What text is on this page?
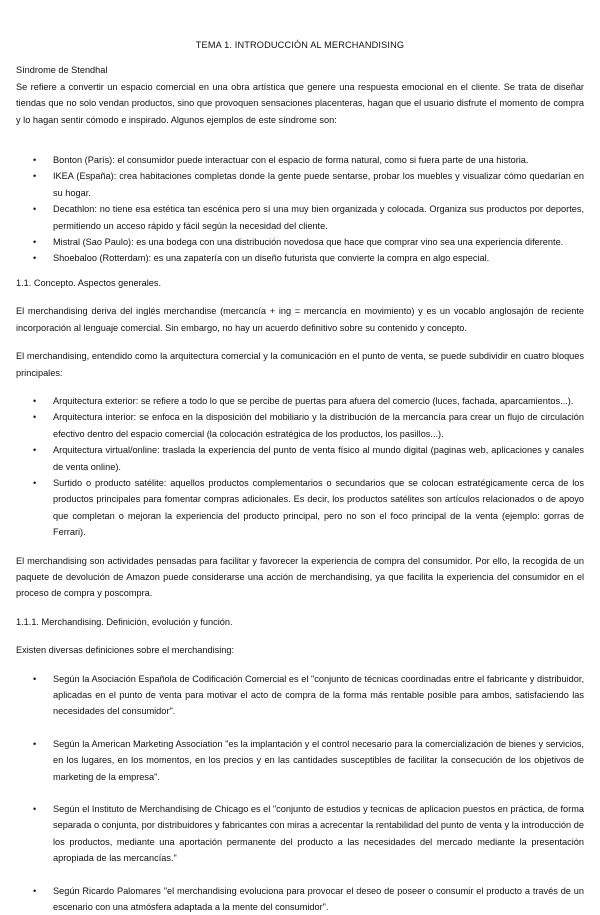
TEMA 1. INTRODUCCIÓN AL MERCHANDISING
Síndrome de Stendhal

Se refiere a convertir un espacio comercial en una obra artística que genere una respuesta emocional en el cliente. Se trata de diseñar tiendas que no solo vendan productos, sino que provoquen sensaciones placenteras, hagan que el usuario disfrute el momento de compra y lo hagan sentir cómodo e inspirado. Algunos ejemplos de este síndrome son:

• Bonton (París): el consumidor puede interactuar con el espacio de forma natural, como si fuera parte de una historia.
• IKEA (España): crea habitaciones completas donde la gente puede sentarse, probar los muebles y visualizar cómo quedarían en su hogar.
• Decathlon: no tiene esa estética tan escénica pero sí una muy bien organizada y colocada. Organiza sus productos por deportes, permitiendo un acceso rápido y fácil según la necesidad del cliente.
• Mistral (Sao Paulo): es una bodega con una distribución novedosa que hace que comprar vino sea una experiencia diferente.
• Shoebaloo (Rotterdam): es una zapatería con un diseño futurista que convierte la compra en algo especial.
1.1. Concepto. Aspectos generales.

El merchandising deriva del inglés merchandise (mercancía + ing = mercancía en movimiento) y es un vocablo anglosajón de reciente incorporación al lenguaje comercial. Sin embargo, no hay un acuerdo definitivo sobre su contenido y concepto.

El merchandising, entendido como la arquitectura comercial y la comunicación en el punto de venta, se puede subdividir en cuatro bloques principales:

• Arquitectura exterior: se refiere a todo lo que se percibe de puertas para afuera del comercio (luces, fachada, aparcamientos...).
• Arquitectura interior: se enfoca en la disposición del mobiliario y la distribución de la mercancía para crear un flujo de circulación efectivo dentro del espacio comercial (la colocación estratégica de los productos, los pasillos...).
• Arquitectura virtual/online: traslada la experiencia del punto de venta físico al mundo digital (paginas web, aplicaciones y canales de venta online).
• Surtido o producto satélite: aquellos productos complementarios o secundarios que se colocan estratégicamente cerca de los productos principales para fomentar compras adicionales. Es decir, los productos satélites son artículos relacionados o de apoyo que completan o mejoran la experiencia del producto principal, pero no son el foco principal de la venta (ejemplo: gorras de Ferrari).

El merchandising son actividades pensadas para facilitar y favorecer la experiencia de compra del consumidor. Por ello, la recogida de un paquete de devolución de Amazon puede considerarse una acción de merchandising, ya que facilita la experiencia del consumidor en el proceso de compra y poscompra.

1.1.1. Merchandising. Definición, evolución y función.

Existen diversas definiciones sobre el merchandising:

• Según la Asociación Española de Codificación Comercial es el "conjunto de técnicas coordinadas entre el fabricante y distribuidor, aplicadas en el punto de venta para motivar el acto de compra de la forma más rentable posible para ambos, satisfaciendo las necesidades del consumidor".
• Según la American Marketing Association "es la implantación y el control necesario para la comercialización de bienes y servicios, en los lugares, en los momentos, en los precios y en las cantidades susceptibles de facilitar la consecución de los objetivos de marketing de la empresa".
• Según el Instituto de Merchandising de Chicago es el "conjunto de estudios y tecnicas de aplicacion puestos en práctica, de forma separada o conjunta, por distribuidores y fabricantes con miras a acrecentar la rentabilidad del punto de venta y la introducción de los productos, mediante una aportación permanente del producto a las necesidades del mercado mediante la presentación apropiada de las mercancías."
• Según Ricardo Palomares "el merchandising evoluciona para provocar el deseo de poseer o consumir el producto a través de un escenario con una atmósfera adaptada a la mente del consumidor".
